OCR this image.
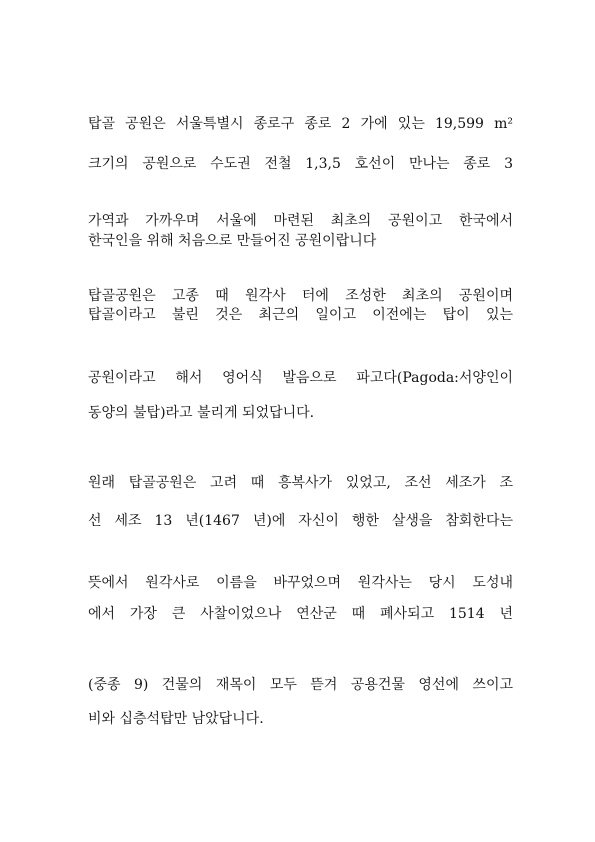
탑골 공원은 서울특별시 종로구 종로 2 가에 있는 19,599 m²
크기의 공원으로 수도권 전철 1,3,5 호선이 만나는 종로 3
가역과 가까우며 서울에 마련된 최초의 공원이고 한국에서
한국인을 위해 처음으로 만들어진 공원이랍니다
탑골공원은 고종 때 원각사 터에 조성한 최초의 공원이며
탑골이라고 불린 것은 최근의 일이고 이전에는 탑이 있는
공원이라고 해서 영어식 발음으로 파고다(Pagoda:서양인이
동양의 불탑)라고 불리게 되었답니다.
원래 탑골공원은 고려 때 흥복사가 있었고, 조선 세조가 조
선 세조 13 년(1467 년)에 자신이 행한 살생을 참회한다는
뜻에서 원각사로 이름을 바꾸었으며 원각사는 당시 도성내
에서 가장 큰 사찰이었으나 연산군 때 폐사되고 1514 년
(중종 9) 건물의 재목이 모두 뜯겨 공용건물 영선에 쓰이고
비와 십층석탑만 남았답니다.
